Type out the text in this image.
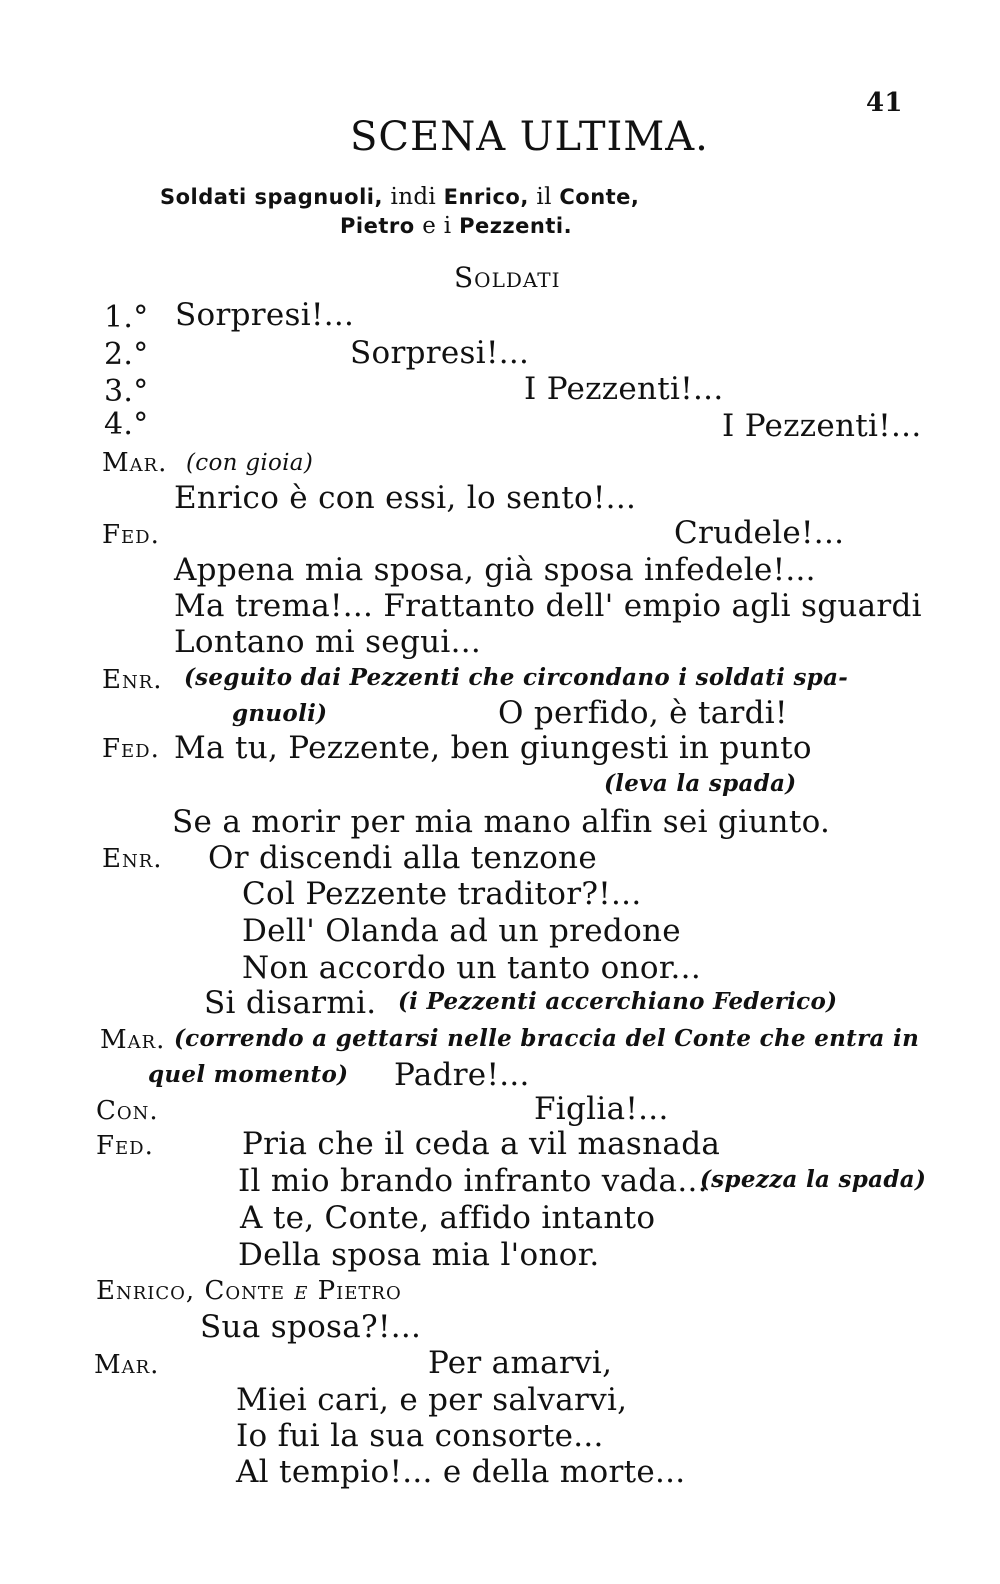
41
SCENA ULTIMA.
Soldati spagnuoli, indi Enrico, il Conte,
Pietro e i Pezzenti.
Soldati
1.° Sorpresi!...
2.°	Sorpresi!...
3.°	I Pezzenti!...
4.°	I Pezzenti!...
Mar. (con gioia)
Enrico è con essi, lo sento!...
Fed.	Crudele!...
Appena mia sposa, già sposa infedele!...
Ma trema!... Frattanto dell' empio agli sguardi
Lontano mi segui...
Enr. (seguito dai Pezzenti che circondano i soldati spa-
gnuoli)	O perfido, è tardi!
Fed. Ma tu, Pezzente, ben giungesti in punto
(leva la spada)
Se a morir per mia mano alfin sei giunto.
Enr. Or discendi alla tenzone
Col Pezzente traditor?!...
Dell' Olanda ad un predone
Non accordo un tanto onor...
Si disarmi. (i Pezzenti accerchiano Federico)
Mar. (correndo a gettarsi nelle braccia del Conte che entra in
quel momento) Padre!...
Con.	Figlia!...
Fed.	Pria che il ceda a vil masnada
Il mio brando infranto vada...
(spezza la spada)
A te, Conte, affido intanto
Della sposa mia l'onor.
Enrico, Conte e Pietro
Sua sposa?!...
Mar.	Per amarvi,
Miei cari, e per salvarvi,
Io fui la sua consorte...
Al tempio!... e della morte...
